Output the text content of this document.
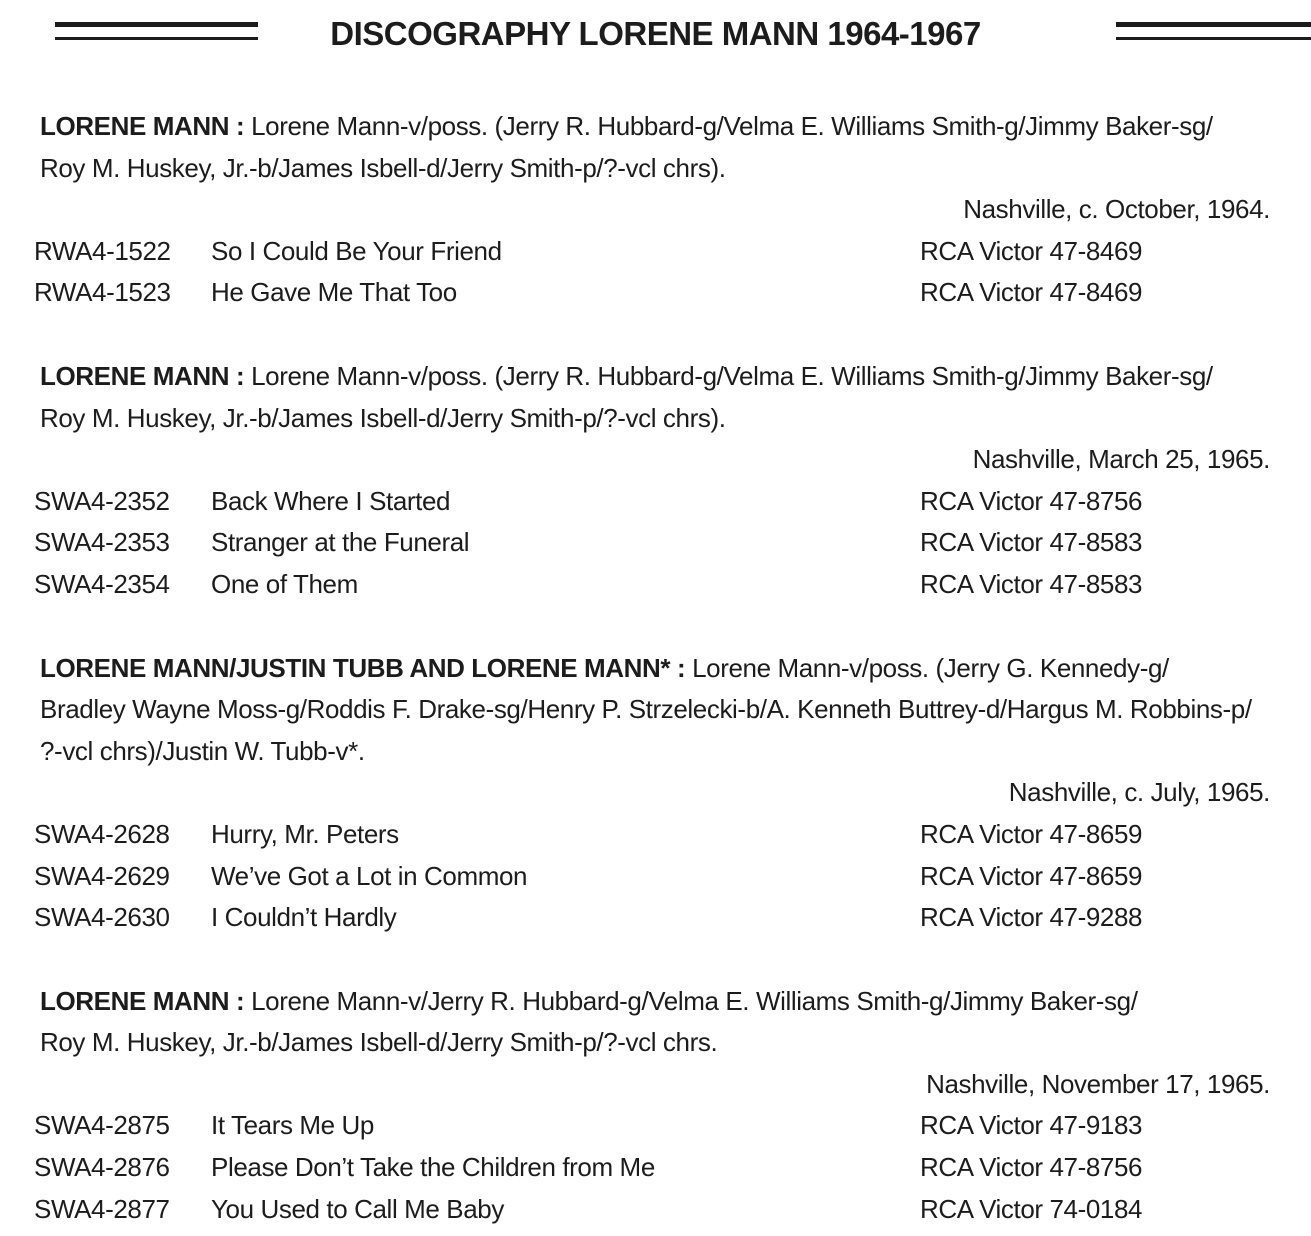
DISCOGRAPHY LORENE MANN 1964-1967
LORENE MANN : Lorene Mann-v/poss. (Jerry R. Hubbard-g/Velma E. Williams Smith-g/Jimmy Baker-sg/
Roy M. Huskey, Jr.-b/James Isbell-d/Jerry Smith-p/?-vcl chrs).
Nashville, c. October, 1964.
RWA4-1522 So I Could Be Your Friend	RCA Victor 47-8469
RWA4-1523 He Gave Me That Too	RCA Victor 47-8469
LORENE MANN : Lorene Mann-v/poss. (Jerry R. Hubbard-g/Velma E. Williams Smith-g/Jimmy Baker-sg/
Roy M. Huskey, Jr.-b/James Isbell-d/Jerry Smith-p/?-vcl chrs).
Nashville, March 25, 1965.
SWA4-2352 Back Where I Started	RCA Victor 47-8756
SWA4-2353 Stranger at the Funeral	RCA Victor 47-8583
SWA4-2354 One of Them	RCA Victor 47-8583
LORENE MANN/JUSTIN TUBB AND LORENE MANN* : Lorene Mann-v/poss. (Jerry G. Kennedy-g/
Bradley Wayne Moss-g/Roddis F. Drake-sg/Henry P. Strzelecki-b/A. Kenneth Buttrey-d/Hargus M. Robbins-p/
?-vcl chrs)/Justin W. Tubb-v*.
Nashville, c. July, 1965.
SWA4-2628 Hurry, Mr. Peters	RCA Victor 47-8659
SWA4-2629 We’ve Got a Lot in Common	RCA Victor 47-8659
SWA4-2630 I Couldn’t Hardly	RCA Victor 47-9288
LORENE MANN : Lorene Mann-v/Jerry R. Hubbard-g/Velma E. Williams Smith-g/Jimmy Baker-sg/
Roy M. Huskey, Jr.-b/James Isbell-d/Jerry Smith-p/?-vcl chrs.
Nashville, November 17, 1965.
SWA4-2875 It Tears Me Up	RCA Victor 47-9183
SWA4-2876 Please Don’t Take the Children from Me	RCA Victor 47-8756
SWA4-2877 You Used to Call Me Baby	RCA Victor 74-0184
